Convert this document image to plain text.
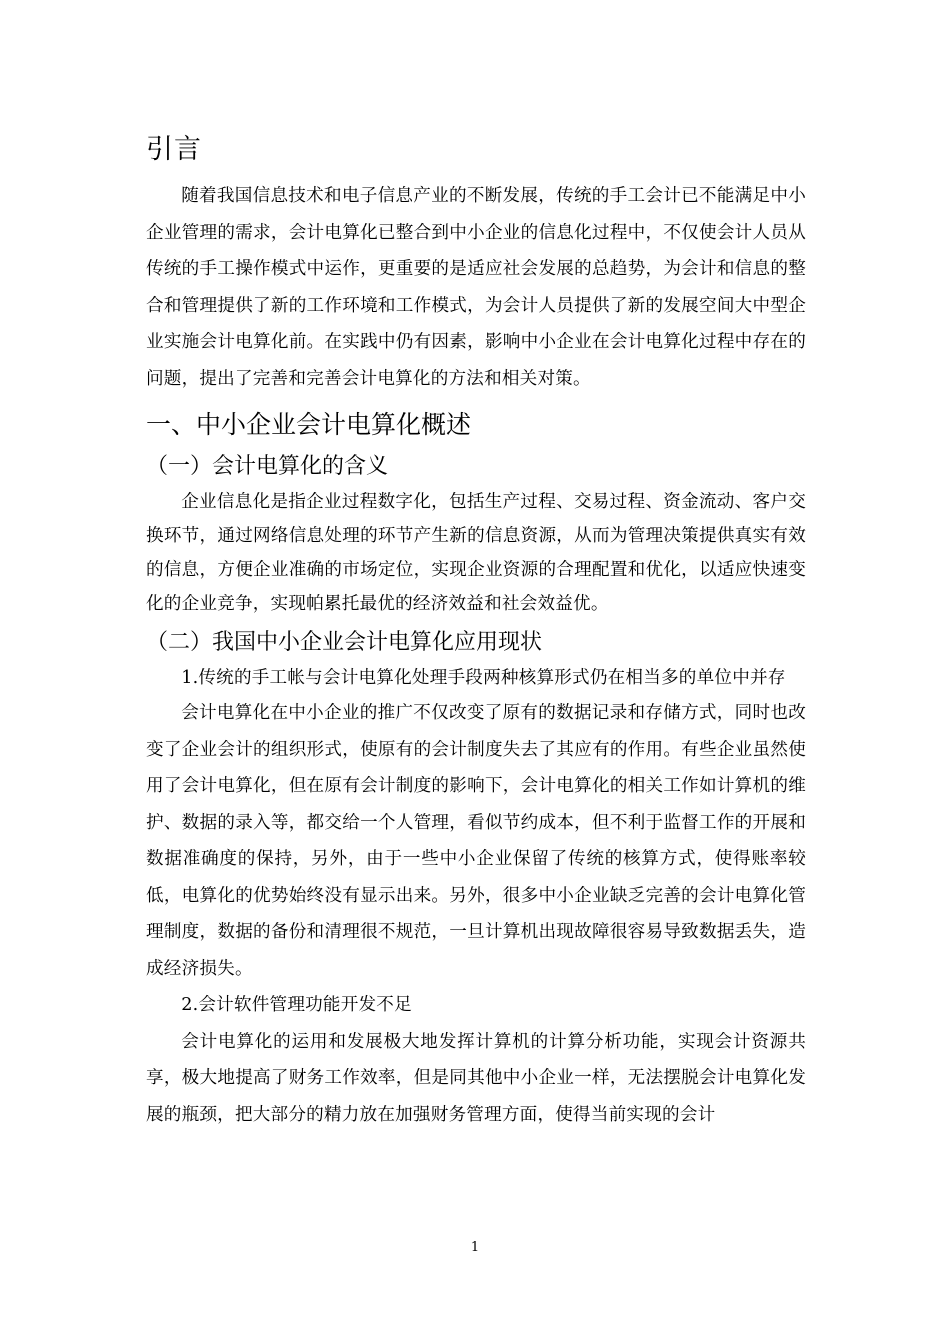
引言

随着我国信息技术和电子信息产业的不断发展，传统的手工会计已不能满足中小企业管理的需求，会计电算化已整合到中小企业的信息化过程中，不仅使会计人员从传统的手工操作模式中运作，更重要的是适应社会发展的总趋势，为会计和信息的整合和管理提供了新的工作环境和工作模式，为会计人员提供了新的发展空间大中型企业实施会计电算化前。在实践中仍有因素，影响中小企业在会计电算化过程中存在的问题，提出了完善和完善会计电算化的方法和相关对策。

一、中小企业会计电算化概述
（一）会计电算化的含义

企业信息化是指企业过程数字化，包括生产过程、交易过程、资金流动、客户交换环节，通过网络信息处理的环节产生新的信息资源，从而为管理决策提供真实有效的信息，方便企业准确的市场定位，实现企业资源的合理配置和优化，以适应快速变化的企业竞争，实现帕累托最优的经济效益和社会效益优。

（二）我国中小企业会计电算化应用现状

1.传统的手工帐与会计电算化处理手段两种核算形式仍在相当多的单位中并存

会计电算化在中小企业的推广不仅改变了原有的数据记录和存储方式，同时也改变了企业会计的组织形式，使原有的会计制度失去了其应有的作用。有些企业虽然使用了会计电算化，但在原有会计制度的影响下，会计电算化的相关工作如计算机的维护、数据的录入等，都交给一个人管理，看似节约成本，但不利于监督工作的开展和数据准确度的保持，另外，由于一些中小企业保留了传统的核算方式，使得账率较低，电算化的优势始终没有显示出来。另外，很多中小企业缺乏完善的会计电算化管理制度，数据的备份和清理很不规范，一旦计算机出现故障很容易导致数据丢失，造成经济损失。

2.会计软件管理功能开发不足

会计电算化的运用和发展极大地发挥计算机的计算分析功能，实现会计资源共享，极大地提高了财务工作效率，但是同其他中小企业一样，无法摆脱会计电算化发展的瓶颈，把大部分的精力放在加强财务管理方面，使得当前实现的会计

1
